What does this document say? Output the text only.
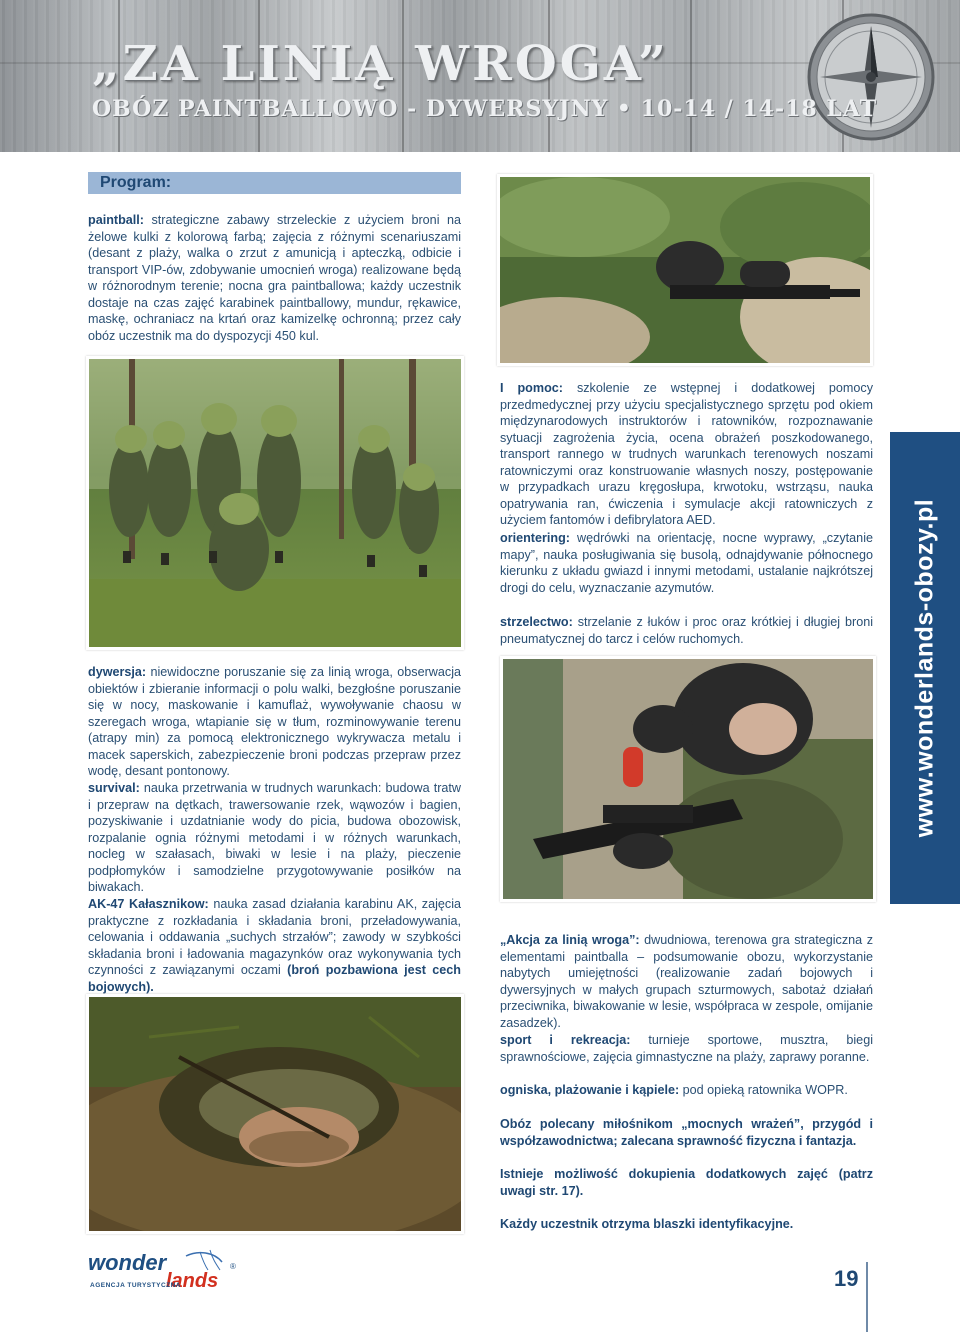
„ZA LINIĄ WROGA”
OBÓZ PAINTBALLOWO - DYWERSYJNY • 10-14 / 14-18 LAT
Program:

paintball: strategiczne zabawy strzeleckie z użyciem broni na żelowe kulki z kolorową farbą; zajęcia z różnymi scenariuszami (desant z plaży, walka o zrzut z amunicją i apteczką, odbicie i transport VIP-ów, zdobywanie umocnień wroga) realizowane będą w różnorodnym terenie; nocna gra paintballowa; każdy uczestnik dostaje na czas zajęć karabinek paintballowy, mundur, rękawice, maskę, ochraniacz na krtań oraz kamizelkę ochronną; przez cały obóz uczestnik ma do dyspozycji 450 kul.

dywersja: niewidoczne poruszanie się za linią wroga, obserwacja obiektów i zbieranie informacji o polu walki, bezgłośne poruszanie się w nocy, maskowanie i kamuflaż, wywoływanie chaosu w szeregach wroga, wtapianie się w tłum, rozminowywanie terenu (atrapy min) za pomocą elektronicznego wykrywacza metalu i macek saperskich, zabezpieczenie broni podczas przepraw przez wodę, desant pontonowy.

survival: nauka przetrwania w trudnych warunkach: budowa tratw i przepraw na dętkach, trawersowanie rzek, wąwozów i bagien, pozyskiwanie i uzdatnianie wody do picia, budowa obozowisk, rozpalanie ognia różnymi metodami i w różnych warunkach, nocleg w szałasach, biwaki w lesie i na plaży, pieczenie podpłomyków i samodzielne przygotowywanie posiłków na biwakach.

AK-47 Kałasznikow: nauka zasad działania karabinu AK, zajęcia praktyczne z rozkładania i składania broni, przeładowywania, celowania i oddawania „suchych strzałów”; zawody w szybkości składania broni i ładowania magazynków oraz wykonywania tych czynności z zawiązanymi oczami (broń pozbawiona jest cech bojowych).

I pomoc: szkolenie ze wstępnej i dodatkowej pomocy przedmedycznej przy użyciu specjalistycznego sprzętu pod okiem międzynarodowych instruktorów i ratowników, rozpoznawanie sytuacji zagrożenia życia, ocena obrażeń poszkodowanego, transport rannego w trudnych warunkach terenowych noszami ratowniczymi oraz konstruowanie własnych noszy, postępowanie w przypadkach urazu kręgosłupa, krwotoku, wstrząsu, nauka opatrywania ran, ćwiczenia i symulacje akcji ratowniczych z użyciem fantomów i defibrylatora AED.

orientering: wędrówki na orientację, nocne wyprawy, „czytanie mapy”, nauka posługiwania się busolą, odnajdywanie północnego kierunku z układu gwiazd i innymi metodami, ustalanie najkrótszej drogi do celu, wyznaczanie azymutów.

strzelectwo: strzelanie z łuków i proc oraz krótkiej i długiej broni pneumatycznej do tarcz i celów ruchomych.

„Akcja za linią wroga”: dwudniowa, terenowa gra strategiczna z elementami paintballa – podsumowanie obozu, wykorzystanie nabytych umiejętności (realizowanie zadań bojowych i dywersyjnych w małych grupach szturmowych, sabotaż działań przeciwnika, biwakowanie w lesie, współpraca w zespole, omijanie zasadzek).

sport i rekreacja: turnieje sportowe, musztra, biegi sprawnościowe, zajęcia gimnastyczne na plaży, zaprawy poranne.

ogniska, plażowanie i kąpiele: pod opieką ratownika WOPR.

Obóz polecany miłośnikom „mocnych wrażeń”, przygód i współzawodnictwa; zalecana sprawność fizyczna i fantazja.

Istnieje możliwość dokupienia dodatkowych zajęć (patrz uwagi str. 17).

Każdy uczestnik otrzyma blaszki identyfikacyjne.

www.wonderlands-obozy.pl
wonder
lands
®
AGENCJA TURYSTYCZNA	19
